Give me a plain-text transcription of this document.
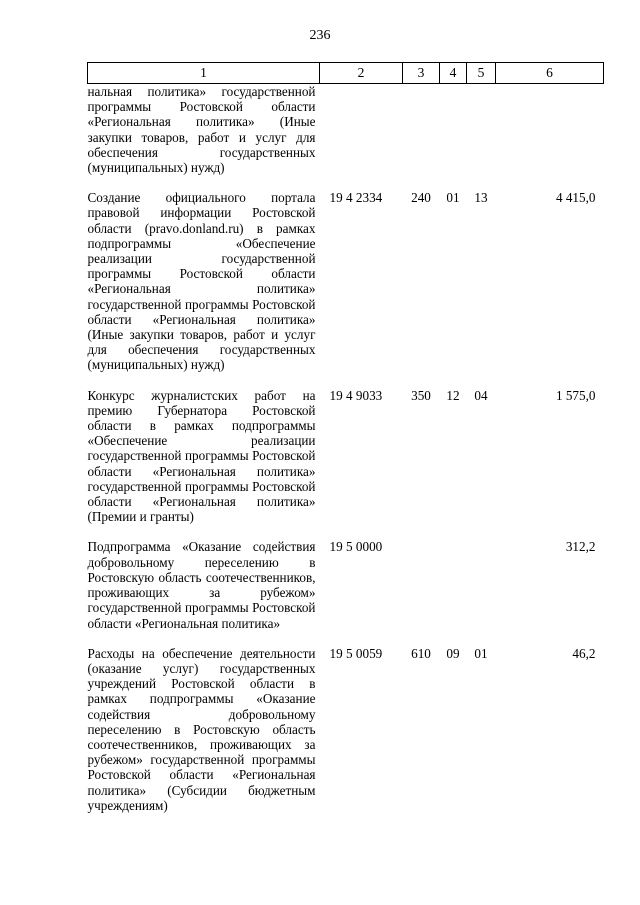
236
1	2	3	4	5	6
нальная политика» государственной программы Ростовской области «Региональная политика» (Иные закупки товаров, работ и услуг для обеспечения государственных (муниципальных) нужд)					
Создание официального портала правовой информации Ростовской области (pravo.donland.ru) в рамках подпрограммы «Обеспечение реализации государственной программы Ростовской области «Региональная политика» государственной программы Ростовской области «Региональная политика» (Иные закупки товаров, работ и услуг для обеспечения государственных (муниципальных) нужд)	19 4 2334	240	01	13	4 415,0
Конкурс журналистских работ на премию Губернатора Ростовской области в рамках подпрограммы «Обеспечение реализации государственной программы Ростовской области «Региональная политика» государственной программы Ростовской области «Региональная политика» (Премии и гранты)	19 4 9033	350	12	04	1 575,0
Подпрограмма «Оказание содействия добровольному переселению в Ростовскую область соотечественников, проживающих за рубежом» государственной программы Ростовской области «Региональная политика»	19 5 0000				312,2
Расходы на обеспечение деятельности (оказание услуг) государственных учреждений Ростовской области в рамках подпрограммы «Оказание содействия добровольному переселению в Ростовскую область соотечественников, проживающих за рубежом» государственной программы Ростовской области «Региональная политика» (Субсидии бюджетным учреждениям)	19 5 0059	610	09	01	46,2
